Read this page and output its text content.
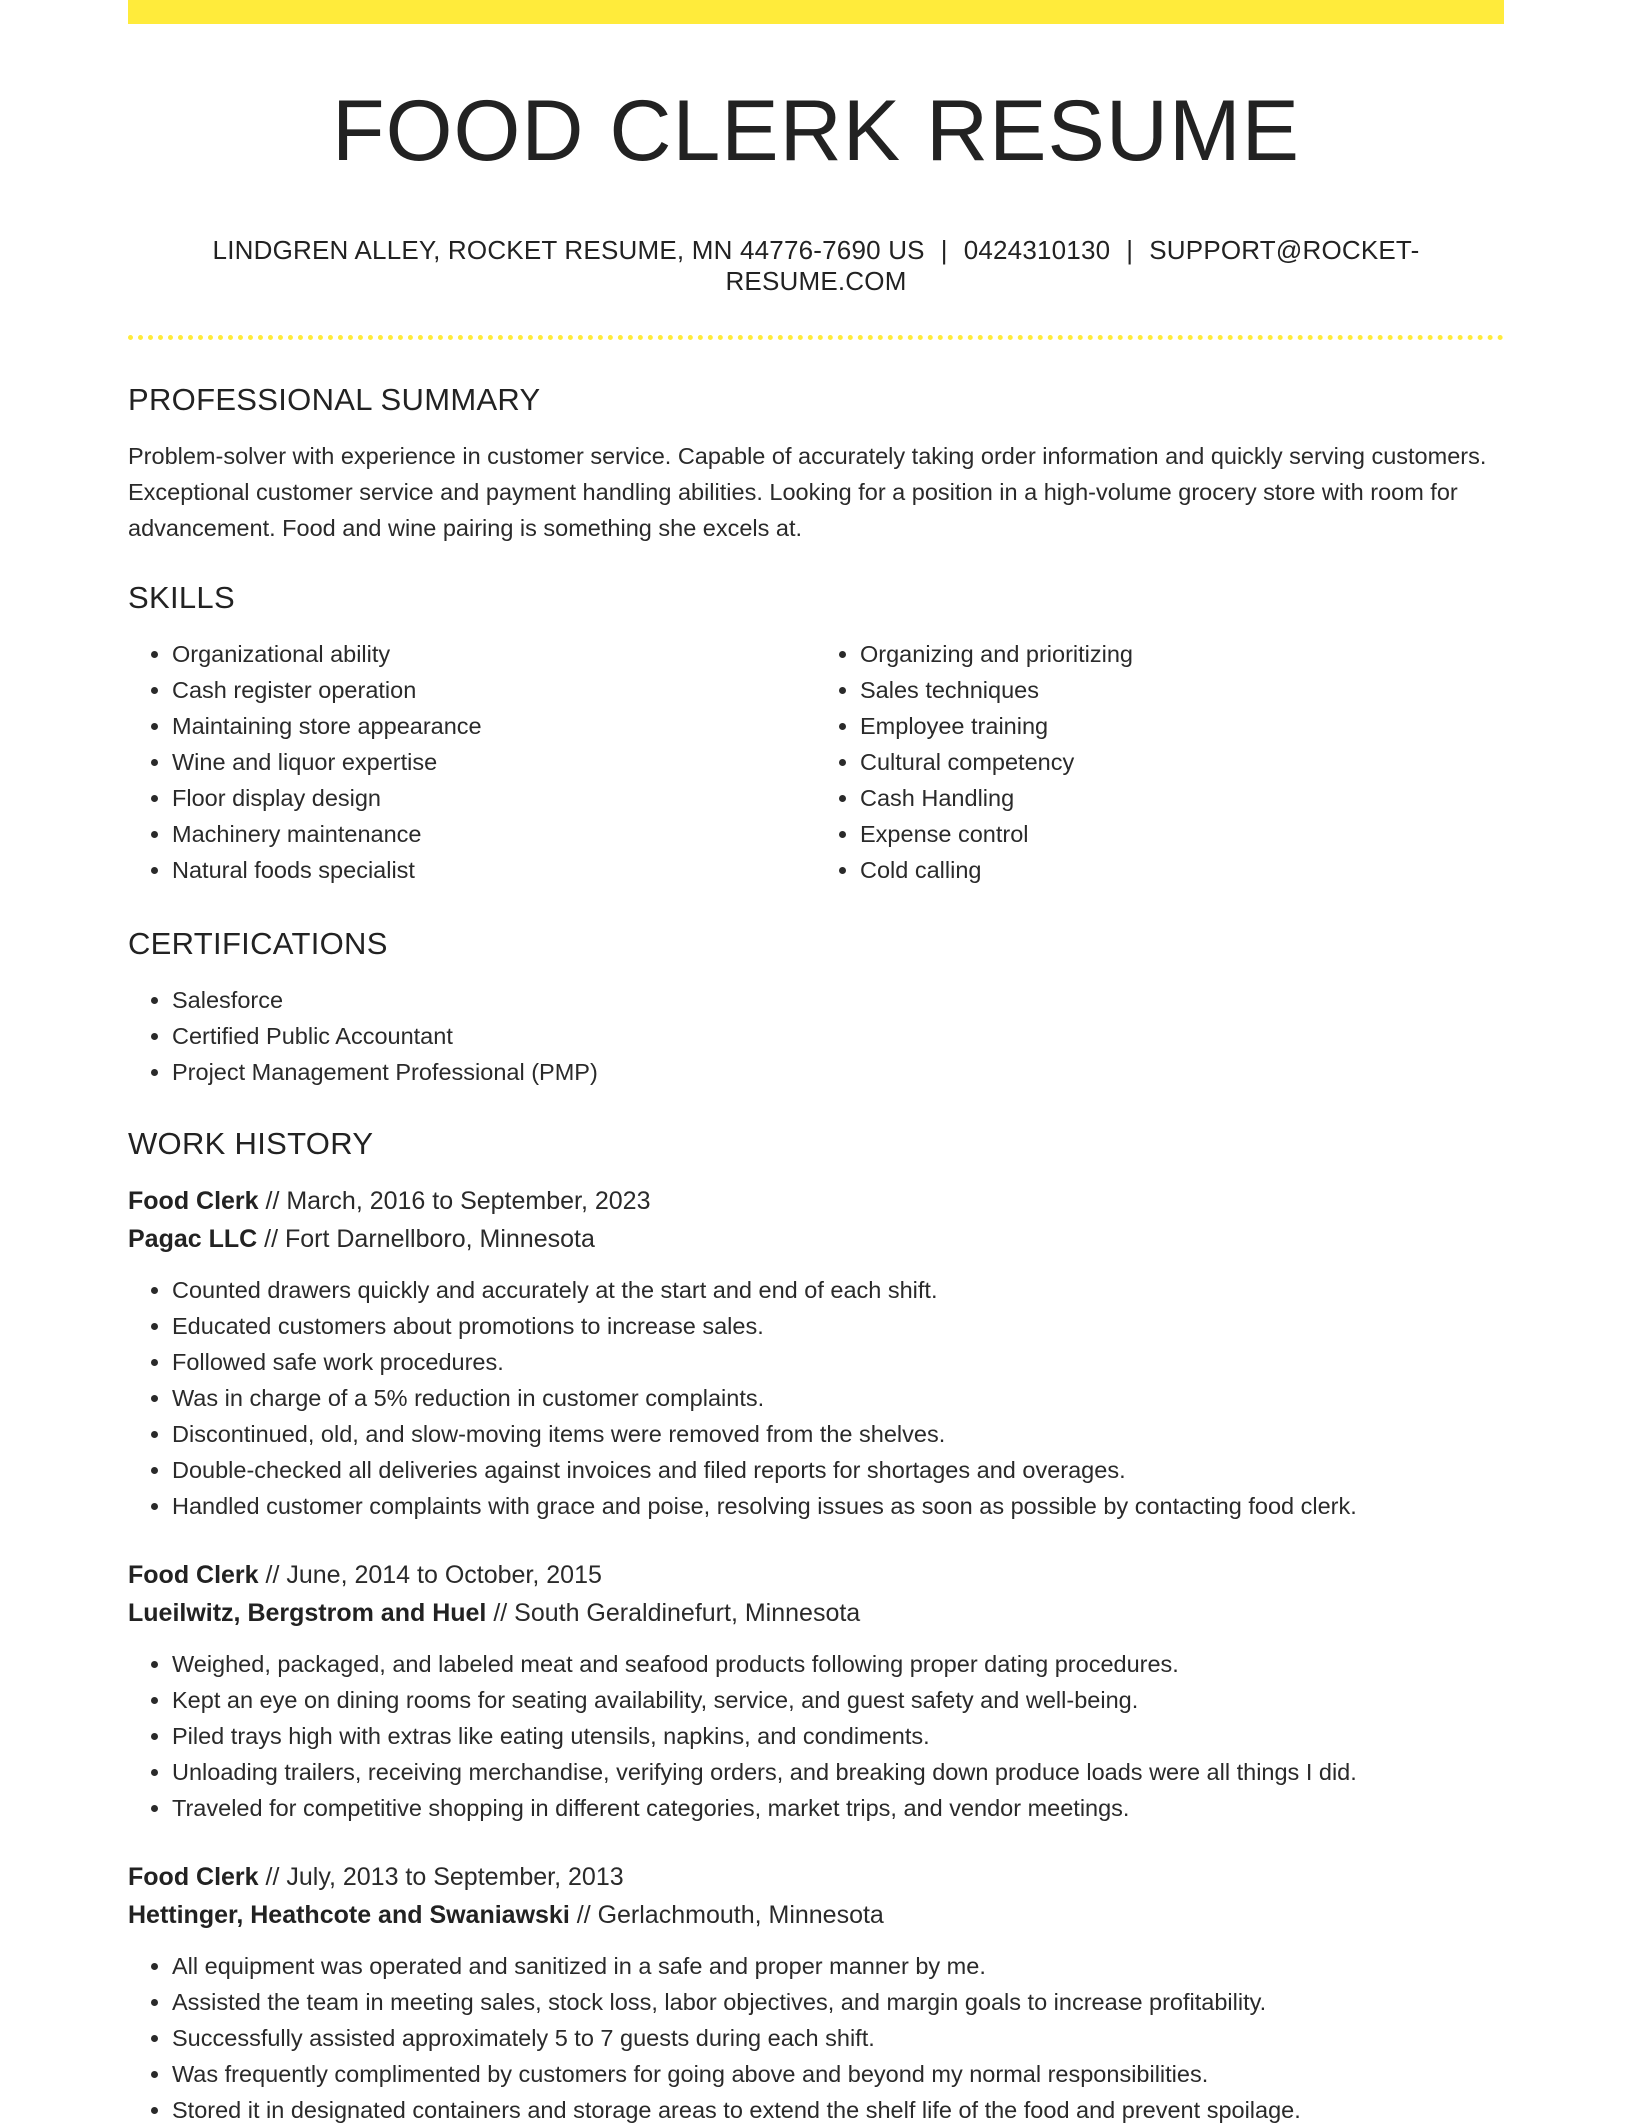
FOOD CLERK RESUME
LINDGREN ALLEY, ROCKET RESUME, MN 44776-7690 US | 0424310130 | SUPPORT@ROCKET-RESUME.COM
PROFESSIONAL SUMMARY

Problem-solver with experience in customer service. Capable of accurately taking order information and quickly serving customers. Exceptional customer service and payment handling abilities. Looking for a position in a high-volume grocery store with room for advancement. Food and wine pairing is something she excels at.

SKILLS
• Organizational ability
• Cash register operation
• Maintaining store appearance
• Wine and liquor expertise
• Floor display design
• Machinery maintenance
• Natural foods specialist
• Organizing and prioritizing
• Sales techniques
• Employee training
• Cultural competency
• Cash Handling
• Expense control
• Cold calling
CERTIFICATIONS
• Salesforce
• Certified Public Accountant
• Project Management Professional (PMP)
WORK HISTORY
Food Clerk // March, 2016 to September, 2023
Pagac LLC // Fort Darnellboro, Minnesota
• Counted drawers quickly and accurately at the start and end of each shift.
• Educated customers about promotions to increase sales.
• Followed safe work procedures.
• Was in charge of a 5% reduction in customer complaints.
• Discontinued, old, and slow-moving items were removed from the shelves.
• Double-checked all deliveries against invoices and filed reports for shortages and overages.
• Handled customer complaints with grace and poise, resolving issues as soon as possible by contacting food clerk.
Food Clerk // June, 2014 to October, 2015
Lueilwitz, Bergstrom and Huel // South Geraldinefurt, Minnesota
• Weighed, packaged, and labeled meat and seafood products following proper dating procedures.
• Kept an eye on dining rooms for seating availability, service, and guest safety and well-being.
• Piled trays high with extras like eating utensils, napkins, and condiments.
• Unloading trailers, receiving merchandise, verifying orders, and breaking down produce loads were all things I did.
• Traveled for competitive shopping in different categories, market trips, and vendor meetings.
Food Clerk // July, 2013 to September, 2013
Hettinger, Heathcote and Swaniawski // Gerlachmouth, Minnesota
• All equipment was operated and sanitized in a safe and proper manner by me.
• Assisted the team in meeting sales, stock loss, labor objectives, and margin goals to increase profitability.
• Successfully assisted approximately 5 to 7 guests during each shift.
• Was frequently complimented by customers for going above and beyond my normal responsibilities.
• Stored it in designated containers and storage areas to extend the shelf life of the food and prevent spoilage.
